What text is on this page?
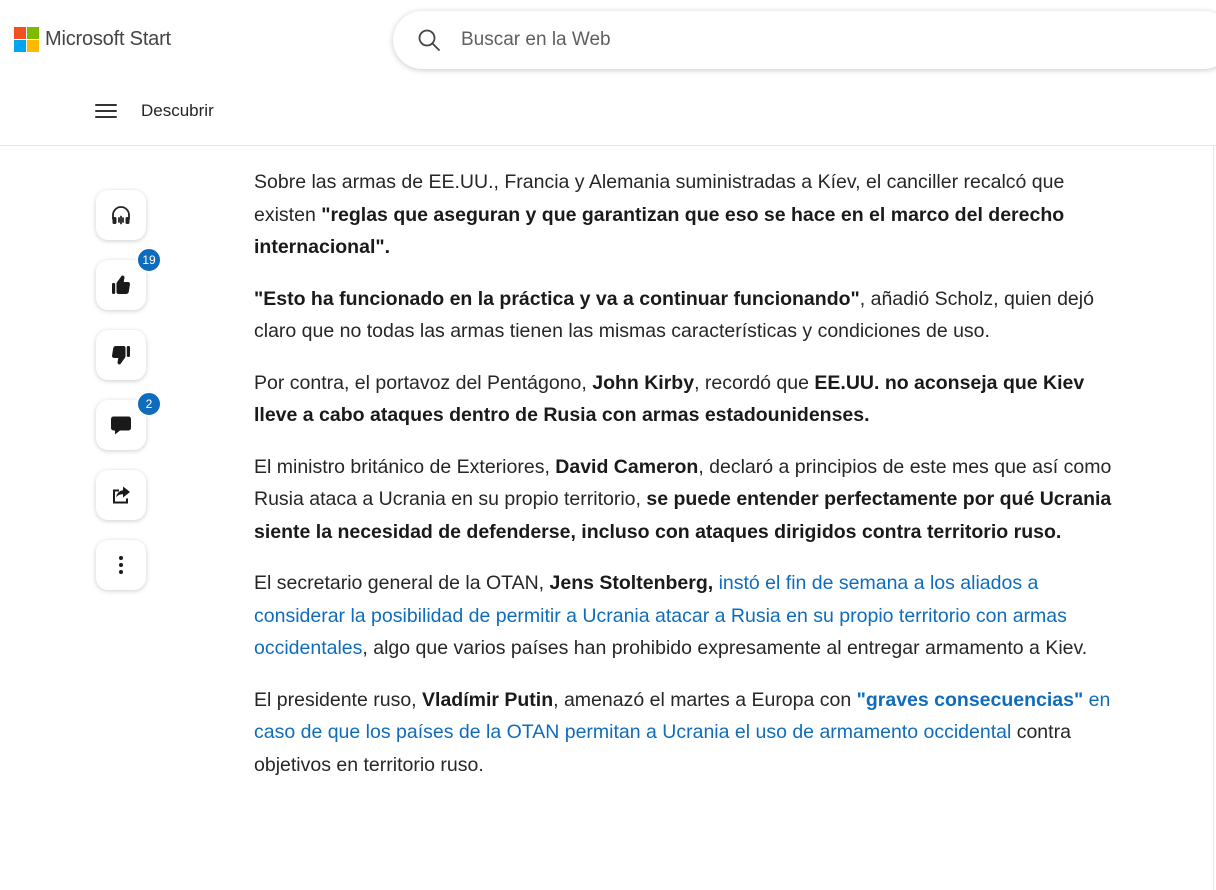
Microsoft Start
Buscar en la Web
Descubrir
19
2

Sobre las armas de EE.UU., Francia y Alemania suministradas a Kíev, el canciller recalcó que existen "reglas que aseguran y que garantizan que eso se hace en el marco del derecho internacional".

"Esto ha funcionado en la práctica y va a continuar funcionando", añadió Scholz, quien dejó claro que no todas las armas tienen las mismas características y condiciones de uso.

Por contra, el portavoz del Pentágono, John Kirby, recordó que EE.UU. no aconseja que Kiev lleve a cabo ataques dentro de Rusia con armas estadounidenses.

El ministro británico de Exteriores, David Cameron, declaró a principios de este mes que así como Rusia ataca a Ucrania en su propio territorio, se puede entender perfectamente por qué Ucrania siente la necesidad de defenderse, incluso con ataques dirigidos contra territorio ruso.

El secretario general de la OTAN, Jens Stoltenberg, instó el fin de semana a los aliados a considerar la posibilidad de permitir a Ucrania atacar a Rusia en su propio territorio con armas occidentales, algo que varios países han prohibido expresamente al entregar armamento a Kiev.

El presidente ruso, Vladímir Putin, amenazó el martes a Europa con "graves consecuencias" en caso de que los países de la OTAN permitan a Ucrania el uso de armamento occidental contra objetivos en territorio ruso.
